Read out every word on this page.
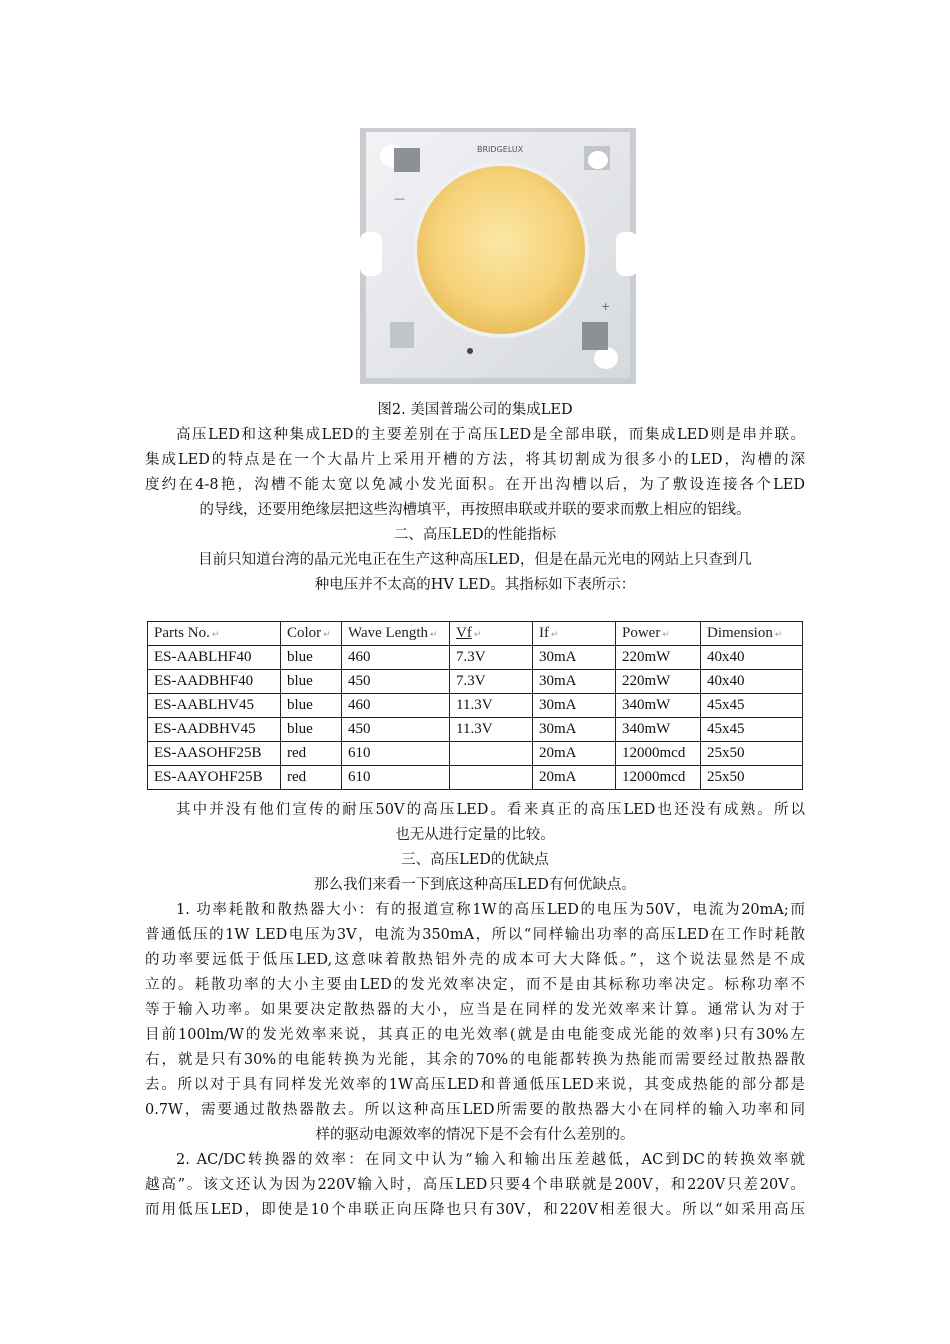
BRIDGELUX
—
+
图2. 美国普瑞公司的集成LED
高压LED和这种集成LED的主要差别在于高压LED是全部串联，而集成LED则是串并联。
集成LED的特点是在一个大晶片上采用开槽的方法，将其切割成为很多小的LED，沟槽的深
度约在4-8艳，沟槽不能太宽以免减小发光面积。在开出沟槽以后，为了敷设连接各个LED
的导线，还要用绝缘层把这些沟槽填平，再按照串联或并联的要求而敷上相应的铝线。
二、高压LED的性能指标
目前只知道台湾的晶元光电正在生产这种高压LED，但是在晶元光电的网站上只查到几
种电压并不太高的HV LED。其指标如下表所示：
Parts No. ↵	Color ↵	Wave Length ↵	Vf ↵	If ↵	Power ↵	Dimension ↵
ES-AABLHF40	blue	460	7.3V	30mA	220mW	40x40
ES-AADBHF40	blue	450	7.3V	30mA	220mW	40x40
ES-AABLHV45	blue	460	11.3V	30mA	340mW	45x45
ES-AADBHV45	blue	450	11.3V	30mA	340mW	45x45
ES-AASOHF25B	red	610		20mA	12000mcd	25x50
ES-AAYOHF25B	red	610		20mA	12000mcd	25x50
其中并没有他们宣传的耐压50V的高压LED。看来真正的高压LED也还没有成熟。所以
也无从进行定量的比较。
三、高压LED的优缺点
那么我们来看一下到底这种高压LED有何优缺点。
1. 功率耗散和散热器大小：有的报道宣称1W的高压LED的电压为50V，电流为20mA;而
普通低压的1W LED电压为3V，电流为350mA，所以“同样输出功率的高压LED在工作时耗散
的功率要远低于低压LED,这意味着散热铝外壳的成本可大大降低。”，这个说法显然是不成
立的。耗散功率的大小主要由LED的发光效率决定，而不是由其标称功率决定。标称功率不
等于输入功率。如果要决定散热器的大小，应当是在同样的发光效率来计算。通常认为对于
目前100lm/W的发光效率来说，其真正的电光效率(就是由电能变成光能的效率)只有30%左
右，就是只有30%的电能转换为光能，其余的70%的电能都转换为热能而需要经过散热器散
去。所以对于具有同样发光效率的1W高压LED和普通低压LED来说，其变成热能的部分都是
0.7W，需要通过散热器散去。所以这种高压LED所需要的散热器大小在同样的输入功率和同
样的驱动电源效率的情况下是不会有什么差别的。
2. AC/DC转换器的效率：在同文中认为“输入和输出压差越低，AC到DC的转换效率就
越高”。该文还认为因为220V输入时，高压LED只要4个串联就是200V，和220V只差20V。
而用低压LED，即使是10个串联正向压降也只有30V，和220V相差很大。所以“如采用高压
